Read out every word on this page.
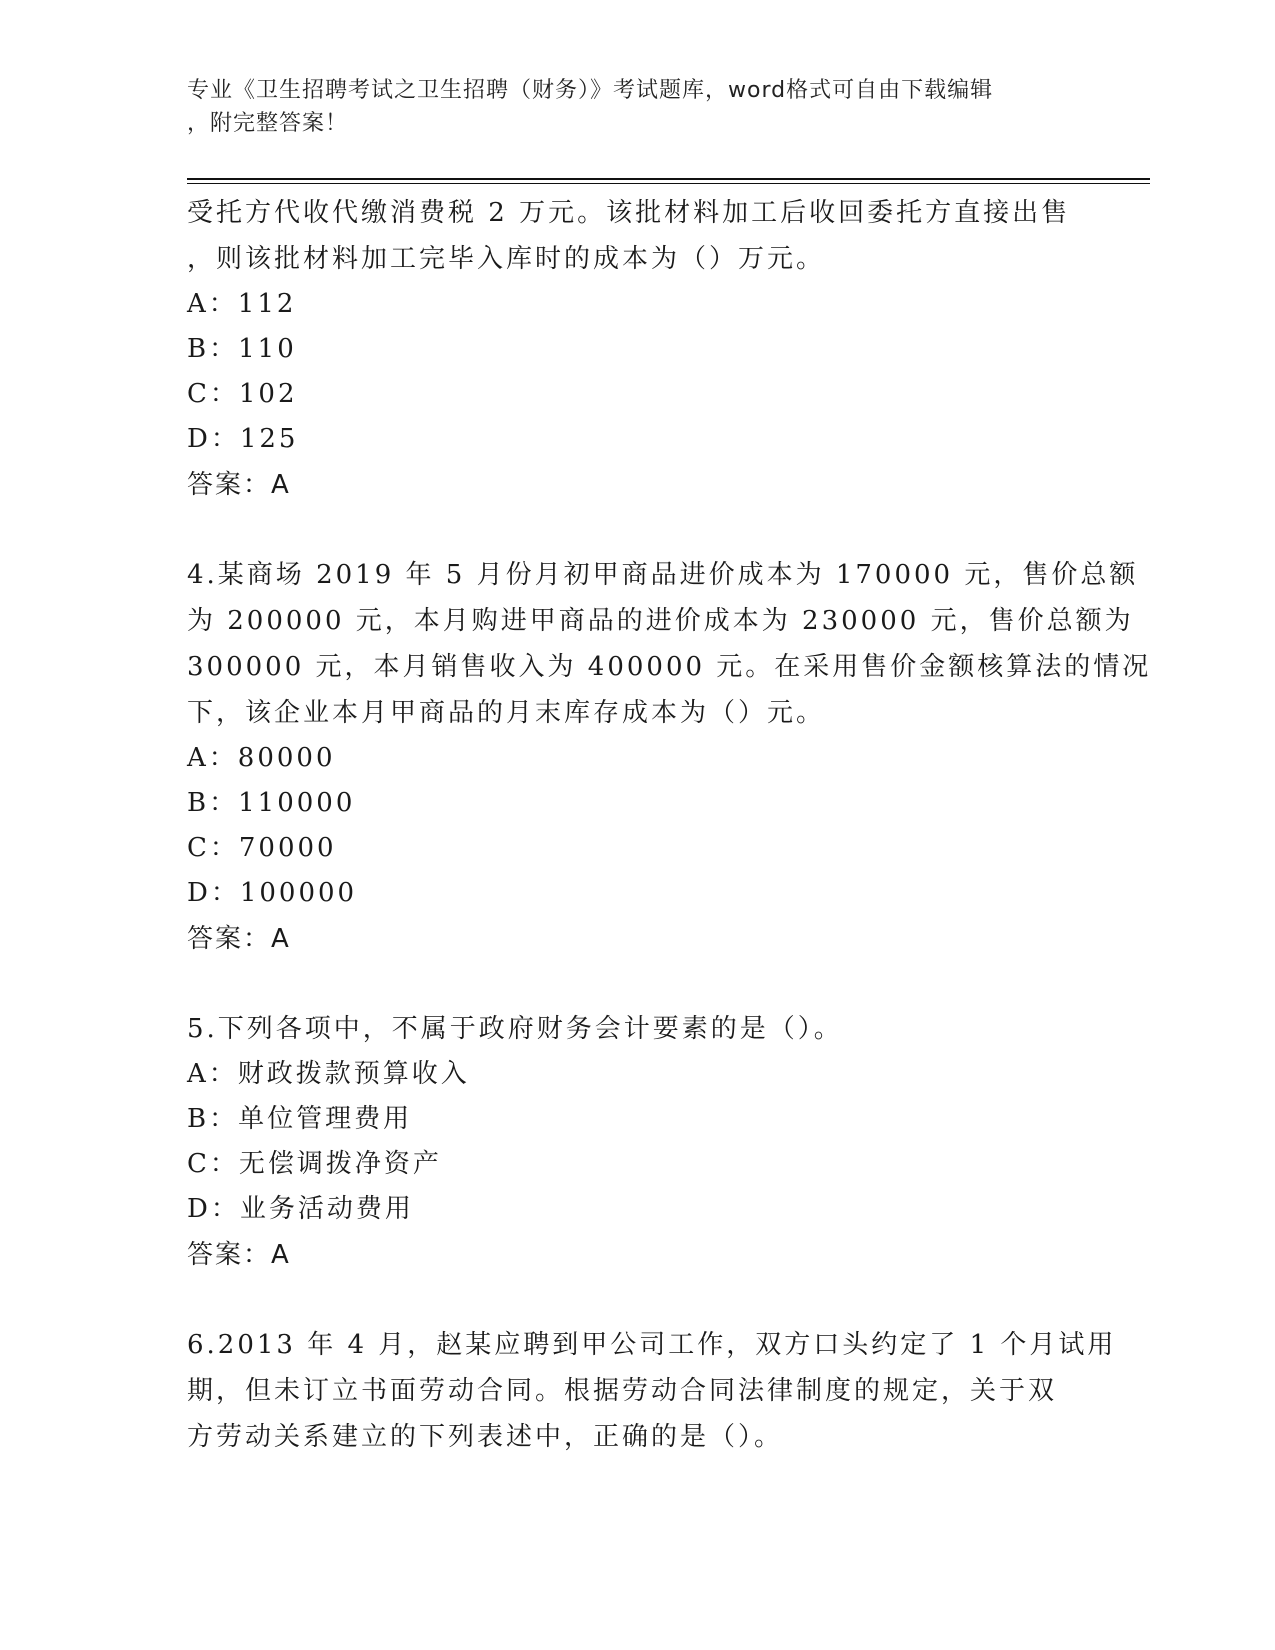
专业《卫生招聘考试之卫生招聘（财务）》考试题库，word格式可自由下载编辑
，附完整答案！
受托方代收代缴消费税 2 万元。该批材料加工后收回委托方直接出售
，则该批材料加工完毕入库时的成本为（）万元。
A：112
B：110
C：102
D：125
答案：A
4.某商场 2019 年 5 月份月初甲商品进价成本为 170000 元，售价总额
为 200000 元，本月购进甲商品的进价成本为 230000 元，售价总额为
300000 元，本月销售收入为 400000 元。在采用售价金额核算法的情况
下，该企业本月甲商品的月末库存成本为（）元。
A：80000
B：110000
C：70000
D：100000
答案：A
5.下列各项中，不属于政府财务会计要素的是（）。
A：财政拨款预算收入
B：单位管理费用
C：无偿调拨净资产
D：业务活动费用
答案：A
6.2013 年 4 月，赵某应聘到甲公司工作，双方口头约定了 1 个月试用
期，但未订立书面劳动合同。根据劳动合同法律制度的规定，关于双
方劳动关系建立的下列表述中，正确的是（）。
